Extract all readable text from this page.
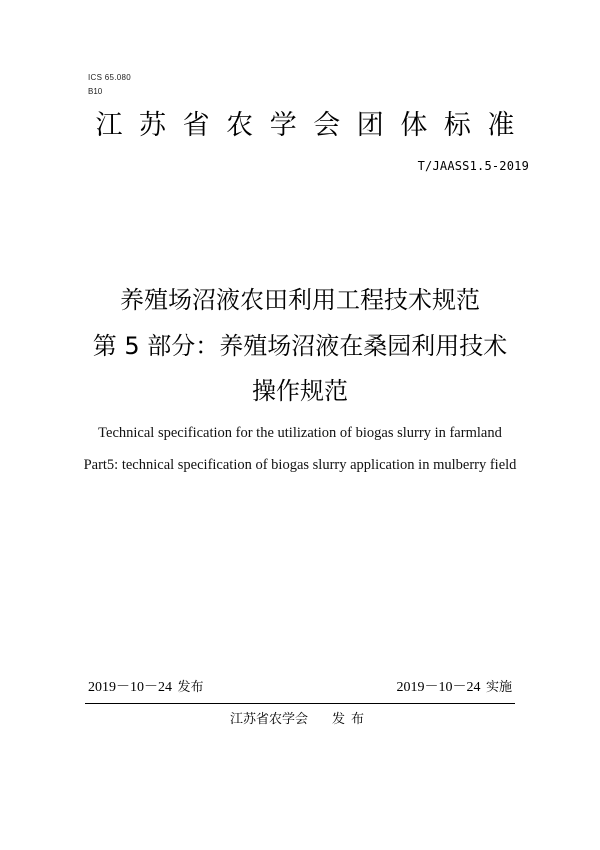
ICS 65.080
B10
江 苏 省 农 学 会 团 体 标 准
T/JAASS1.5-2019
养殖场沼液农田利用工程技术规范
第 5 部分：养殖场沼液在桑园利用技术
操作规范
Technical specification for the utilization of biogas slurry in farmland
Part5: technical specification of biogas slurry application in mulberry field
2019－10－24 发布	2019－10－24 实施
江苏省农学会 发布
